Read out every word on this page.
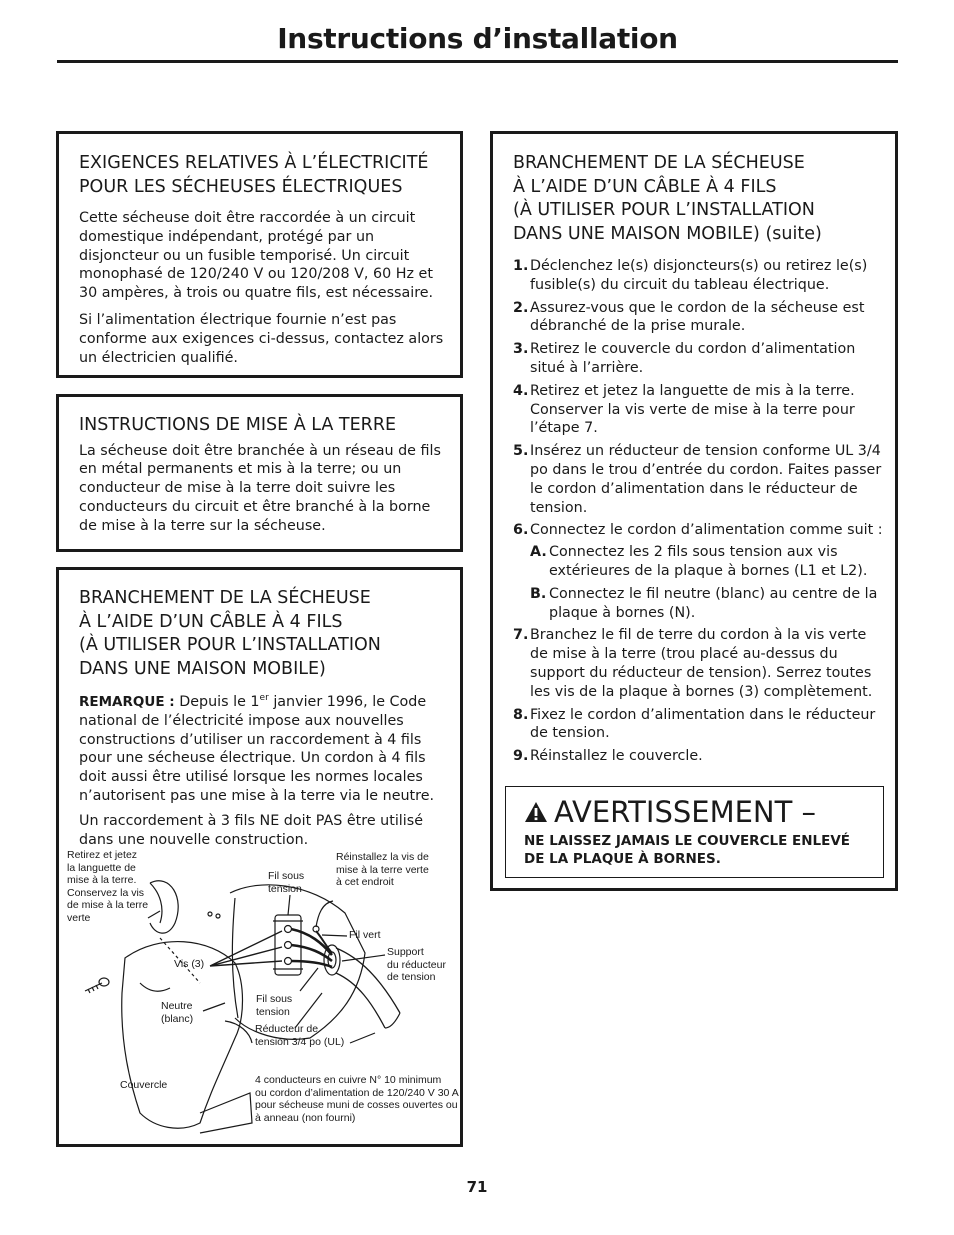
Instructions d’installation
EXIGENCES RELATIVES À L’ÉLECTRICITÉ POUR LES SÉCHEUSES ÉLECTRIQUES

Cette sécheuse doit être raccordée à un circuit domestique indépendant, protégé par un disjoncteur ou un fusible temporisé. Un circuit monophasé de 120/240 V ou 120/208 V, 60 Hz et 30 ampères, à trois ou quatre fils, est nécessaire.

Si l’alimentation électrique fournie n’est pas conforme aux exigences ci-dessus, contactez alors un électricien qualifié.

INSTRUCTIONS DE MISE À LA TERRE

La sécheuse doit être branchée à un réseau de fils en métal permanents et mis à la terre; ou un conducteur de mise à la terre doit suivre les conducteurs du circuit et être branché à la borne de mise à la terre sur la sécheuse.

BRANCHEMENT DE LA SÉCHEUSE
À L’AIDE D’UN CÂBLE À 4 FILS
(À UTILISER POUR L’INSTALLATION
DANS UNE MAISON MOBILE)

REMARQUE : Depuis le 1er janvier 1996, le Code national de l’électricité impose aux nouvelles constructions d’utiliser un raccordement à 4 fils pour une sécheuse électrique. Un cordon à 4 fils doit aussi être utilisé lorsque les normes locales n’autorisent pas une mise à la terre via le neutre.

Un raccordement à 3 fils NE doit PAS être utilisé dans une nouvelle construction.

Retirez et jetez
la languette de
mise à la terre.
Conservez la vis
de mise à la terre
verte
Fil sous
tension
Réinstallez la vis de
mise à la terre verte
à cet endroit
Fil vert
Vis (3)
Support
du réducteur
de tension
Neutre
(blanc)
Fil sous
tension
Réducteur de
tension 3/4 po (UL)
Couvercle	4 conducteurs en cuivre N° 10 minimum
ou cordon d’alimentation de 120/240 V 30 A
pour sécheuse muni de cosses ouvertes ou
à anneau (non fourni)
BRANCHEMENT DE LA SÉCHEUSE
À L’AIDE D’UN CÂBLE À 4 FILS
(À UTILISER POUR L’INSTALLATION
DANS UNE MAISON MOBILE) (suite)
1. Déclenchez le(s) disjoncteurs(s) ou retirez le(s) fusible(s) du circuit du tableau électrique.
2. Assurez-vous que le cordon de la sécheuse est débranché de la prise murale.
3. Retirez le couvercle du cordon d’alimentation situé à l’arrière.
4. Retirez et jetez la languette de mis à la terre. Conserver la vis verte de mise à la terre pour l’étape 7.
5. Insérez un réducteur de tension conforme UL 3/4 po dans le trou d’entrée du cordon. Faites passer le cordon d’alimentation dans le réducteur de tension.
6. Connectez le cordon d’alimentation comme suit :
A. Connectez les 2 fils sous tension aux vis extérieures de la plaque à bornes (L1 et L2).
B. Connectez le fil neutre (blanc) au centre de la plaque à bornes (N).
7. Branchez le fil de terre du cordon à la vis verte de mise à la terre (trou placé au-dessus du support du réducteur de tension). Serrez toutes les vis de la plaque à bornes (3) complètement.
8. Fixez le cordon d’alimentation dans le réducteur de tension.
9. Réinstallez le couvercle.
AVERTISSEMENT –

NE LAISSEZ JAMAIS LE COUVERCLE ENLEVÉ DE LA PLAQUE À BORNES.

71
